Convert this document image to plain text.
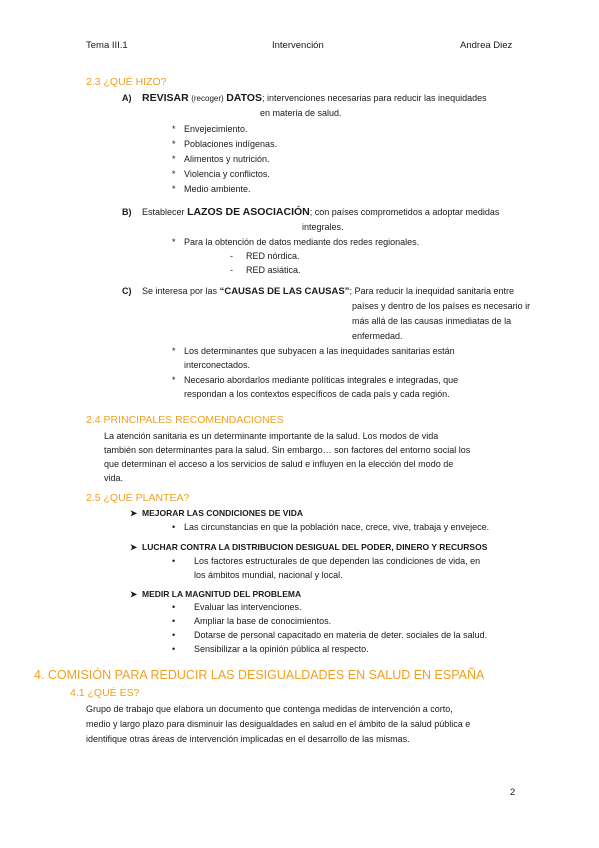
Tema III.1	Intervención	Andrea Diez
2.3 ¿QUÉ HIZO?
A) REVISAR (recoger) DATOS; intervenciones necesarias para reducir las inequidades
en materia de salud.
* Envejecimiento.
* Poblaciones indígenas.
* Alimentos y nutrición.
* Violencia y conflictos.
* Medio ambiente.
B) Establecer LAZOS DE ASOCIACIÓN; con países comprometidos a adoptar medidas
integrales.
* Para la obtención de datos mediante dos redes regionales.
- RED nórdica.
- RED asiática.
C) Se interesa por las “CAUSAS DE LAS CAUSAS”; Para reducir la inequidad sanitaria entre
países y dentro de los países es necesario ir
más allá de las causas inmediatas de la
enfermedad.
* Los determinantes que subyacen a las inequidades sanitarias están
interconectados.
* Necesario abordarlos mediante políticas integrales e integradas, que
respondan a los contextos específicos de cada país y cada región.
2.4 PRINCIPALES RECOMENDACIONES
La atención sanitaria es un determinante importante de la salud. Los modos de vida
también son determinantes para la salud. Sin embargo… son factores del entorno social los
que determinan el acceso a los servicios de salud e influyen en la elección del modo de
vida.
2.5 ¿QUÉ PLANTEA?
➤ MEJORAR LAS CONDICIONES DE VIDA
• Las circunstancias en que la población nace, crece, vive, trabaja y envejece.
➤ LUCHAR CONTRA LA DISTRIBUCION DESIGUAL DEL PODER, DINERO Y RECURSOS
• Los factores estructurales de que dependen las condiciones de vida, en
los ámbitos mundial, nacional y local.
➤ MEDIR LA MAGNITUD DEL PROBLEMA
• Evaluar las intervenciones.
• Ampliar la base de conocimientos.
• Dotarse de personal capacitado en materia de deter. sociales de la salud.
• Sensibilizar a la opinión pública al respecto.
4. COMISIÓN PARA REDUCIR LAS DESIGUALDADES EN SALUD EN ESPAÑA
4.1 ¿QUÉ ES?
Grupo de trabajo que elabora un documento que contenga medidas de intervención a corto,
medio y largo plazo para disminuir las desigualdades en salud en el ámbito de la salud pública e
identifique otras áreas de intervención implicadas en el desarrollo de las mismas.
2
